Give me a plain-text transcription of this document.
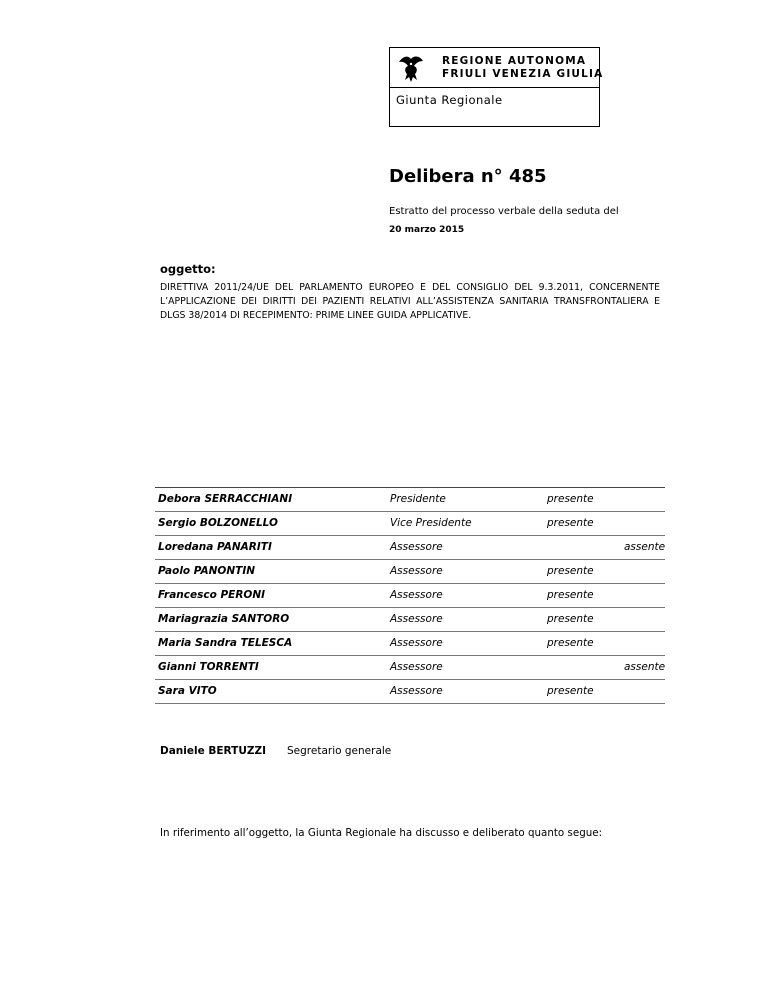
REGIONE AUTONOMA
FRIULI VENEZIA GIULIA
Giunta Regionale
Delibera n° 485
Estratto del processo verbale della seduta del
20 marzo 2015
oggetto:
DIRETTIVA 2011/24/UE DEL PARLAMENTO EUROPEO E DEL CONSIGLIO DEL 9.3.2011, CONCERNENTE L’APPLICAZIONE DEI DIRITTI DEI PAZIENTI RELATIVI ALL’ASSISTENZA SANITARIA TRANSFRONTALIERA E DLGS 38/2014 DI RECEPIMENTO: PRIME LINEE GUIDA APPLICATIVE.
Debora SERRACCHIANI	Presidente	presente
Sergio BOLZONELLO	Vice Presidente	presente
Loredana PANARITI	Assessore	assente
Paolo PANONTIN	Assessore	presente
Francesco PERONI	Assessore	presente
Mariagrazia SANTORO	Assessore	presente
Maria Sandra TELESCA	Assessore	presente
Gianni TORRENTI	Assessore	assente
Sara VITO	Assessore	presente
Daniele BERTUZZI Segretario generale
In riferimento all’oggetto, la Giunta Regionale ha discusso e deliberato quanto segue:
